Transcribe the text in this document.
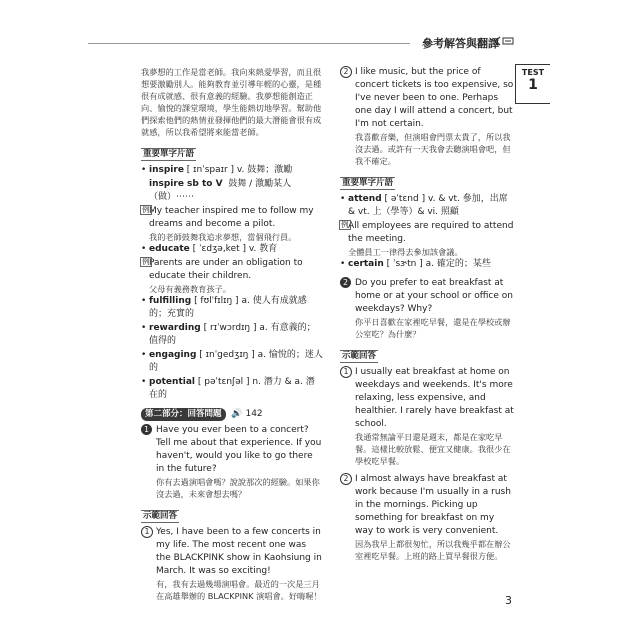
參考解答與翻譯
TEST
1

我夢想的工作是當老師。我向來熱愛學習，而且很想要激勵別人。能夠教育並引導年輕的心靈，是種很有成就感、很有意義的經驗。我夢想能創造正向、愉悅的課堂環境，學生能熱切地學習。幫助他們探索他們的熱情並發揮他們的最大潛能會很有成就感，所以我希望將來能當老師。

重要單字片語
• inspire [ ɪnˈspaɪr ] v. 鼓舞；激勵
inspire sb to V 鼓舞 / 激勵某人（做）⋯⋯
例 My teacher inspired me to follow my dreams and become a pilot.
我的老師鼓舞我追求夢想，當個飛行員。
• educate [ ˈɛdʒə,ket ] v. 教育
例 Parents are under an obligation to educate their children.
父母有義務教育孩子。
• fulfilling [ fʊlˈfɪlɪŋ ] a. 使人有成就感的；充實的
• rewarding [ rɪˈwɔrdɪŋ ] a. 有意義的；值得的
• engaging [ ɪnˈgedʒɪŋ ] a. 愉悅的；迷人的
• potential [ pəˈtɛnʃəl ] n. 潛力 & a. 潛在的
第二部分：回答問題 🔊 142
1 Have you ever been to a concert? Tell me about that experience. If you haven't, would you like to go there in the future?
你有去過演唱會嗎？說說那次的經驗。如果你沒去過，未來會想去嗎？
示範回答
1 Yes, I have been to a few concerts in my life. The most recent one was the BLACKPINK show in Kaohsiung in March. It was so exciting!
有，我有去過幾場演唱會。最近的一次是三月在高雄舉辦的 BLACKPINK 演唱會。好嗨喔！
2 I like music, but the price of concert tickets is too expensive, so I've never been to one. Perhaps one day I will attend a concert, but I'm not certain.
我喜歡音樂，但演唱會門票太貴了，所以我沒去過。或許有一天我會去聽演唱會吧，但我不確定。
重要單字片語
• attend [ əˈtɛnd ] v. & vt. 參加，出席 & vt. 上（學等）& vi. 照顧
例 All employees are required to attend the meeting.
全體員工一律得去參加該會議。
• certain [ ˈsɝtn ] a. 確定的；某些
2 Do you prefer to eat breakfast at home or at your school or office on weekdays? Why?
你平日喜歡在家裡吃早餐，還是在學校或辦公室吃？為什麼？
示範回答
1 I usually eat breakfast at home on weekdays and weekends. It's more relaxing, less expensive, and healthier. I rarely have breakfast at school.
我通常無論平日還是週末，都是在家吃早餐。這樣比較放鬆、便宜又健康。我很少在學校吃早餐。
2 I almost always have breakfast at work because I'm usually in a rush in the mornings. Picking up something for breakfast on my way to work is very convenient.
因為我早上都很匆忙，所以我幾乎都在辦公室裡吃早餐。上班的路上買早餐很方便。
3
